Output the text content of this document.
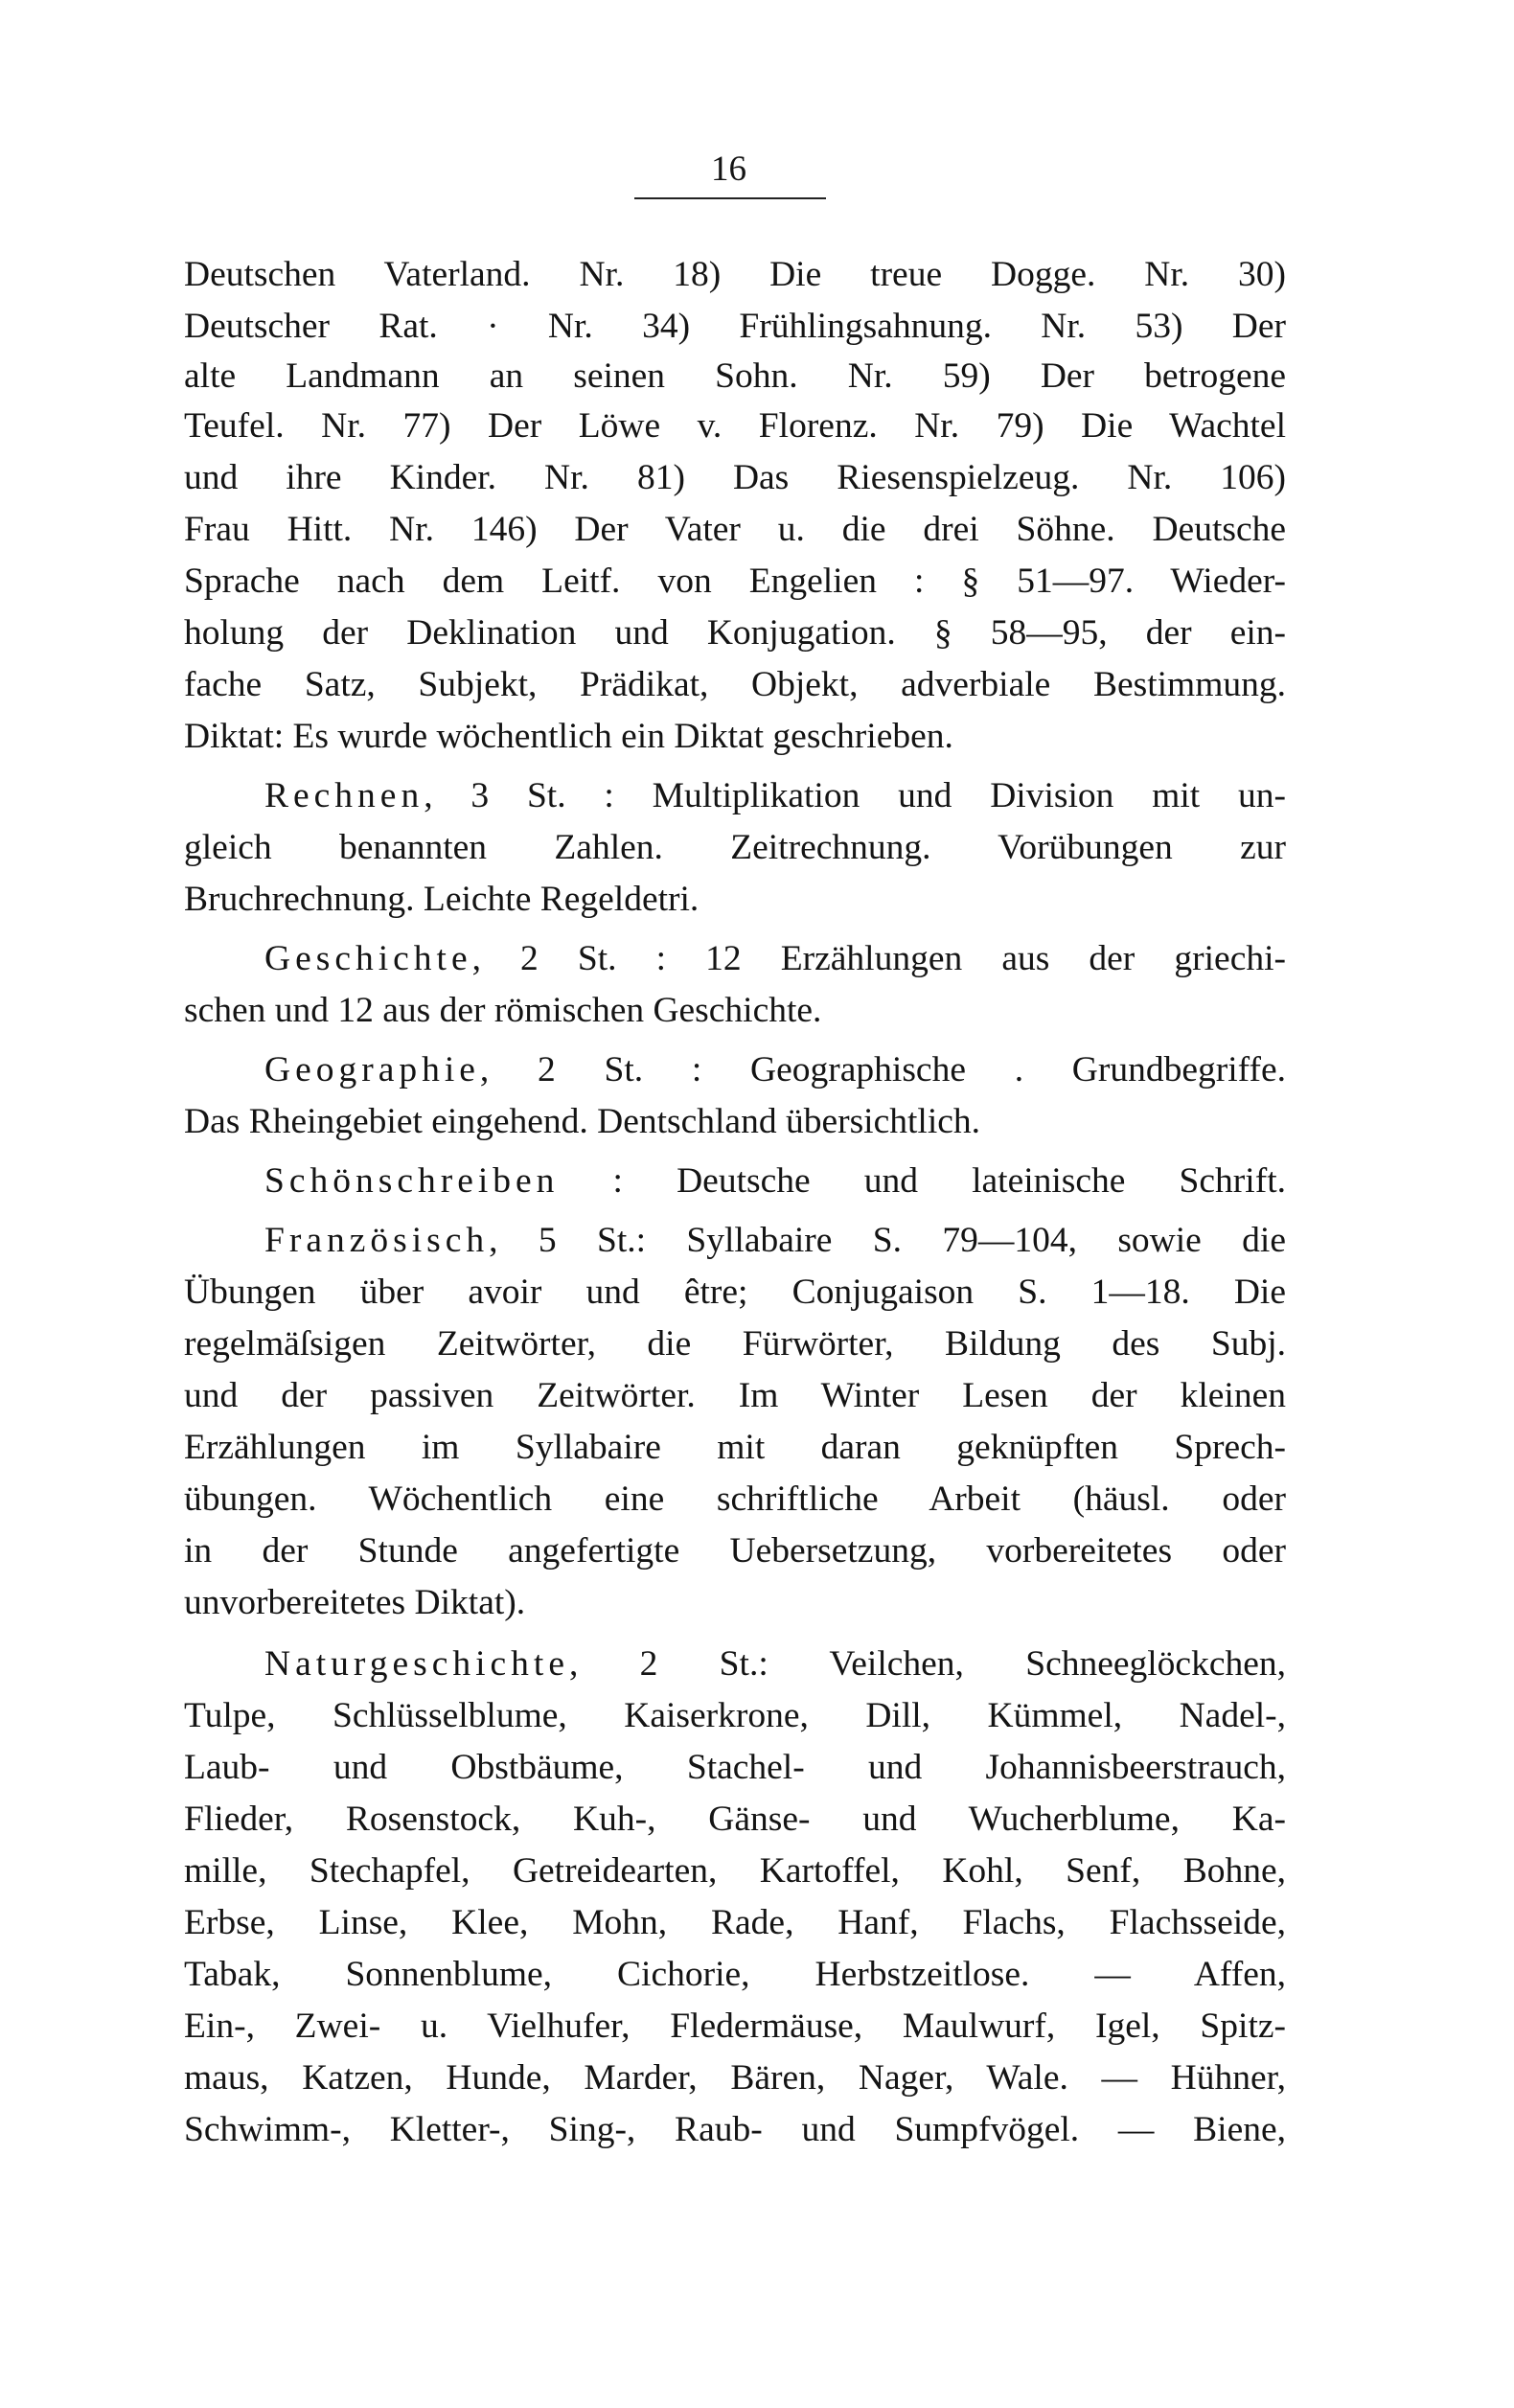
16
Deutschen Vaterland. Nr. 18) Die treue Dogge. Nr. 30)
Deutscher Rat. · Nr. 34) Frühlingsahnung. Nr. 53) Der
alte Landmann an seinen Sohn. Nr. 59) Der betrogene
Teufel. Nr. 77) Der Löwe v. Florenz. Nr. 79) Die Wachtel
und ihre Kinder. Nr. 81) Das Riesenspielzeug. Nr. 106)
Frau Hitt. Nr. 146) Der Vater u. die drei Söhne. Deutsche
Sprache nach dem Leitf. von Engelien : § 51—97. Wieder-
holung der Deklination und Konjugation. § 58—95, der ein-
fache Satz, Subjekt, Prädikat, Objekt, adverbiale Bestimmung.
Diktat: Es wurde wöchentlich ein Diktat geschrieben.
Rechnen, 3 St. : Multiplikation und Division mit un-
gleich benannten Zahlen. Zeitrechnung. Vorübungen zur
Bruchrechnung. Leichte Regeldetri.
Geschichte, 2 St. : 12 Erzählungen aus der griechi-
schen und 12 aus der römischen Geschichte.
Geographie, 2 St. : Geographische . Grundbegriffe.
Das Rheingebiet eingehend. Dentschland übersichtlich.
Schönschreiben : Deutsche und lateinische Schrift.
Französisch, 5 St.: Syllabaire S. 79—104, sowie die
Übungen über avoir und être; Conjugaison S. 1—18. Die
regelmäſsigen Zeitwörter, die Fürwörter, Bildung des Subj.
und der passiven Zeitwörter. Im Winter Lesen der kleinen
Erzählungen im Syllabaire mit daran geknüpften Sprech-
übungen. Wöchentlich eine schriftliche Arbeit (häusl. oder
in der Stunde angefertigte Uebersetzung, vorbereitetes oder
unvorbereitetes Diktat).
Naturgeschichte, 2 St.: Veilchen, Schneeglöckchen,
Tulpe, Schlüsselblume, Kaiserkrone, Dill, Kümmel, Nadel-,
Laub- und Obstbäume, Stachel- und Johannisbeerstrauch,
Flieder, Rosenstock, Kuh-, Gänse- und Wucherblume, Ka-
mille, Stechapfel, Getreidearten, Kartoffel, Kohl, Senf, Bohne,
Erbse, Linse, Klee, Mohn, Rade, Hanf, Flachs, Flachsseide,
Tabak, Sonnenblume, Cichorie, Herbstzeitlose. — Affen,
Ein-, Zwei- u. Vielhufer, Fledermäuse, Maulwurf, Igel, Spitz-
maus, Katzen, Hunde, Marder, Bären, Nager, Wale. — Hühner,
Schwimm-, Kletter-, Sing-, Raub- und Sumpfvögel. — Biene,
